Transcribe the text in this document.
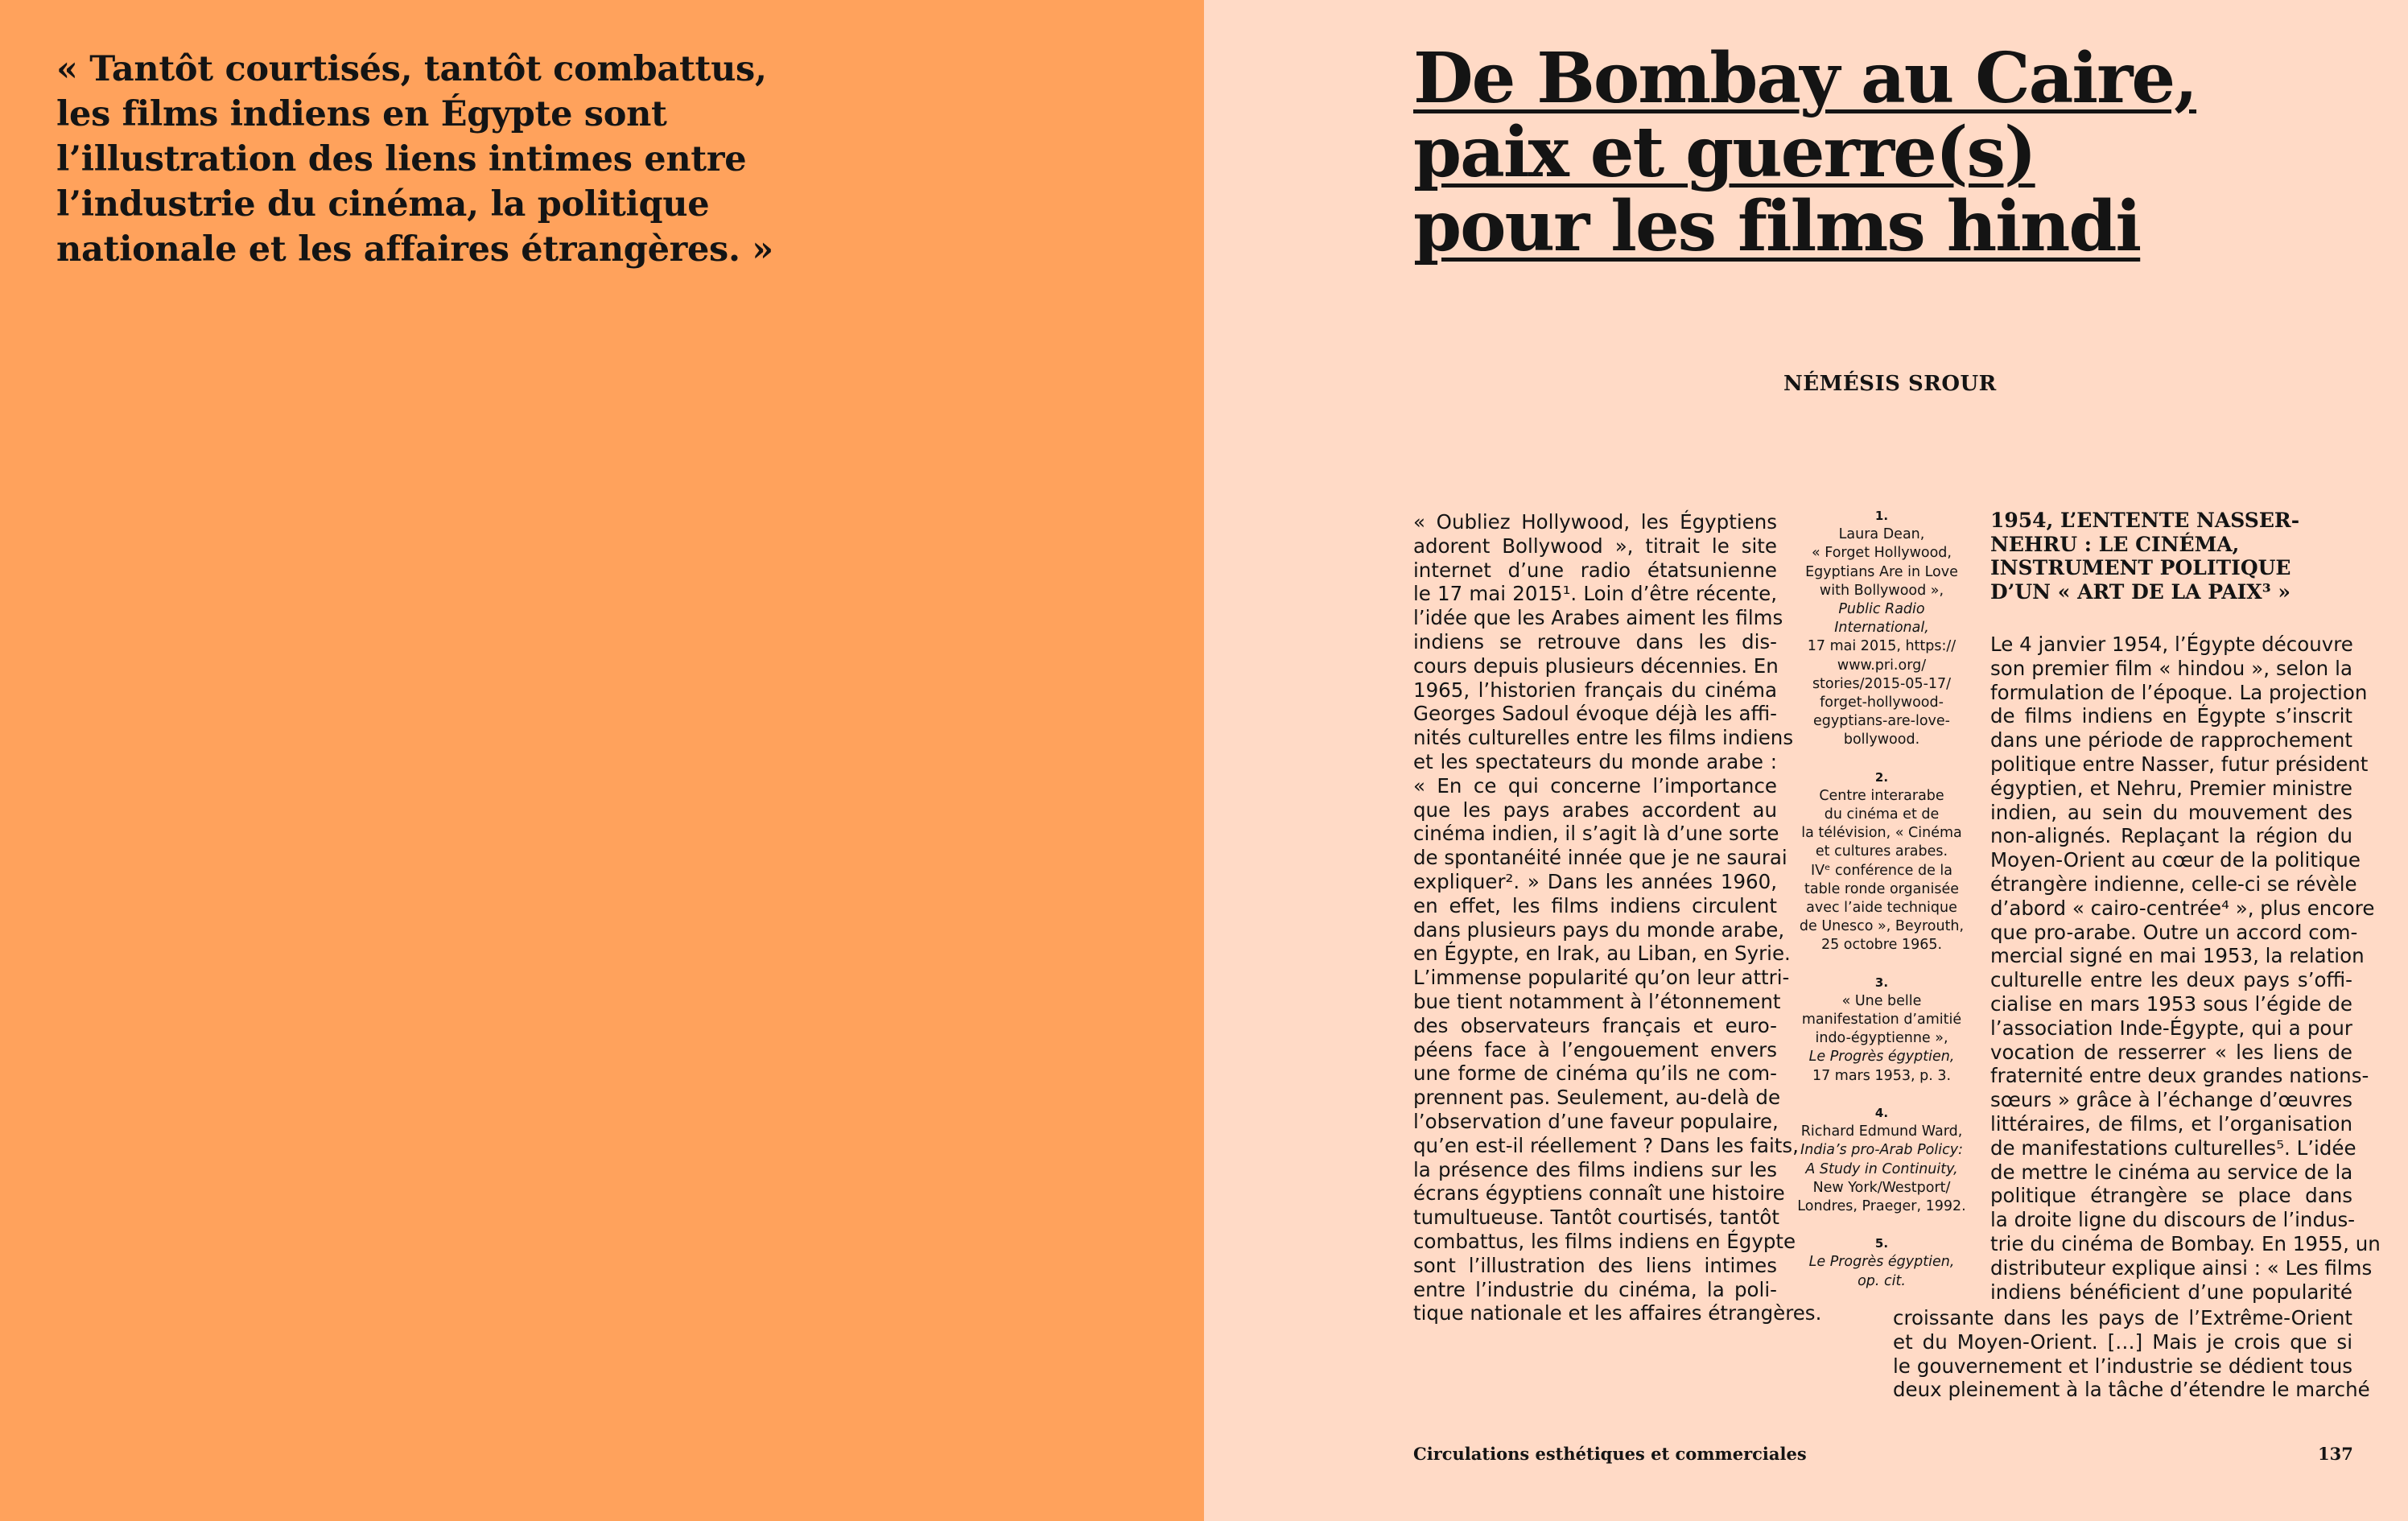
« Tantôt courtisés, tantôt combattus,
les films indiens en Égypte sont
l’illustration des liens intimes entre
l’industrie du cinéma, la politique
nationale et les affaires étrangères. »

De Bombay au Caire,
paix et guerre(s)
pour les films hindi

NÉMÉSIS SROUR

« Oubliez Hollywood, les Égyptiens
adorent Bollywood », titrait le site
internet d’une radio étatsunienne
le 17 mai 2015¹. Loin d’être récente,
l’idée que les Arabes aiment les films
indiens se retrouve dans les dis-
cours depuis plusieurs décennies. En
1965, l’historien français du cinéma
Georges Sadoul évoque déjà les affi-
nités culturelles entre les films indiens
et les spectateurs du monde arabe :
« En ce qui concerne l’importance
que les pays arabes accordent au
cinéma indien, il s’agit là d’une sorte
de spontanéité innée que je ne saurai
expliquer². » Dans les années 1960,
en effet, les films indiens circulent
dans plusieurs pays du monde arabe,
en Égypte, en Irak, au Liban, en Syrie.
L’immense popularité qu’on leur attri-
bue tient notamment à l’étonnement
des observateurs français et euro-
péens face à l’engouement envers
une forme de cinéma qu’ils ne com-
prennent pas. Seulement, au-delà de
l’observation d’une faveur populaire,
qu’en est-il réellement ? Dans les faits,
la présence des films indiens sur les
écrans égyptiens connaît une histoire
tumultueuse. Tantôt courtisés, tantôt
combattus, les films indiens en Égypte
sont l’illustration des liens intimes
entre l’industrie du cinéma, la poli-
tique nationale et les affaires étrangères.
1.
Laura Dean,
« Forget Hollywood,
Egyptians Are in Love
with Bollywood »,
Public Radio
International,
17 mai 2015, https://
www.pri.org/
stories/2015-05-17/
forget-hollywood-
egyptians-are-love-
bollywood.
2.
Centre interarabe
du cinéma et de
la télévision, « Cinéma
et cultures arabes.
IVᵉ conférence de la
table ronde organisée
avec l’aide technique
de Unesco », Beyrouth,
25 octobre 1965.
3.
« Une belle
manifestation d’amitié
indo-égyptienne »,
Le Progrès égyptien,
17 mars 1953, p. 3.
4.
Richard Edmund Ward,
India’s pro-Arab Policy:
A Study in Continuity,
New York/Westport/
Londres, Praeger, 1992.
5.
Le Progrès égyptien,
op. cit.
1954, L’ENTENTE NASSER-
NEHRU : LE CINÉMA,
INSTRUMENT POLITIQUE
D’UN « ART DE LA PAIX³ »
Le 4 janvier 1954, l’Égypte découvre
son premier film « hindou », selon la
formulation de l’époque. La projection
de films indiens en Égypte s’inscrit
dans une période de rapprochement
politique entre Nasser, futur président
égyptien, et Nehru, Premier ministre
indien, au sein du mouvement des
non-alignés. Replaçant la région du
Moyen-Orient au cœur de la politique
étrangère indienne, celle-ci se révèle
d’abord « cairo-centrée⁴ », plus encore
que pro-arabe. Outre un accord com-
mercial signé en mai 1953, la relation
culturelle entre les deux pays s’offi-
cialise en mars 1953 sous l’égide de
l’association Inde-Égypte, qui a pour
vocation de resserrer « les liens de
fraternité entre deux grandes nations-
sœurs » grâce à l’échange d’œuvres
littéraires, de films, et l’organisation
de manifestations culturelles⁵. L’idée
de mettre le cinéma au service de la
politique étrangère se place dans
la droite ligne du discours de l’indus-
trie du cinéma de Bombay. En 1955, un
distributeur explique ainsi : « Les films
indiens bénéficient d’une popularité
croissante dans les pays de l’Extrême-Orient
et du Moyen-Orient. […] Mais je crois que si
le gouvernement et l’industrie se dédient tous
deux pleinement à la tâche d’étendre le marché
Circulations esthétiques et commerciales	137
